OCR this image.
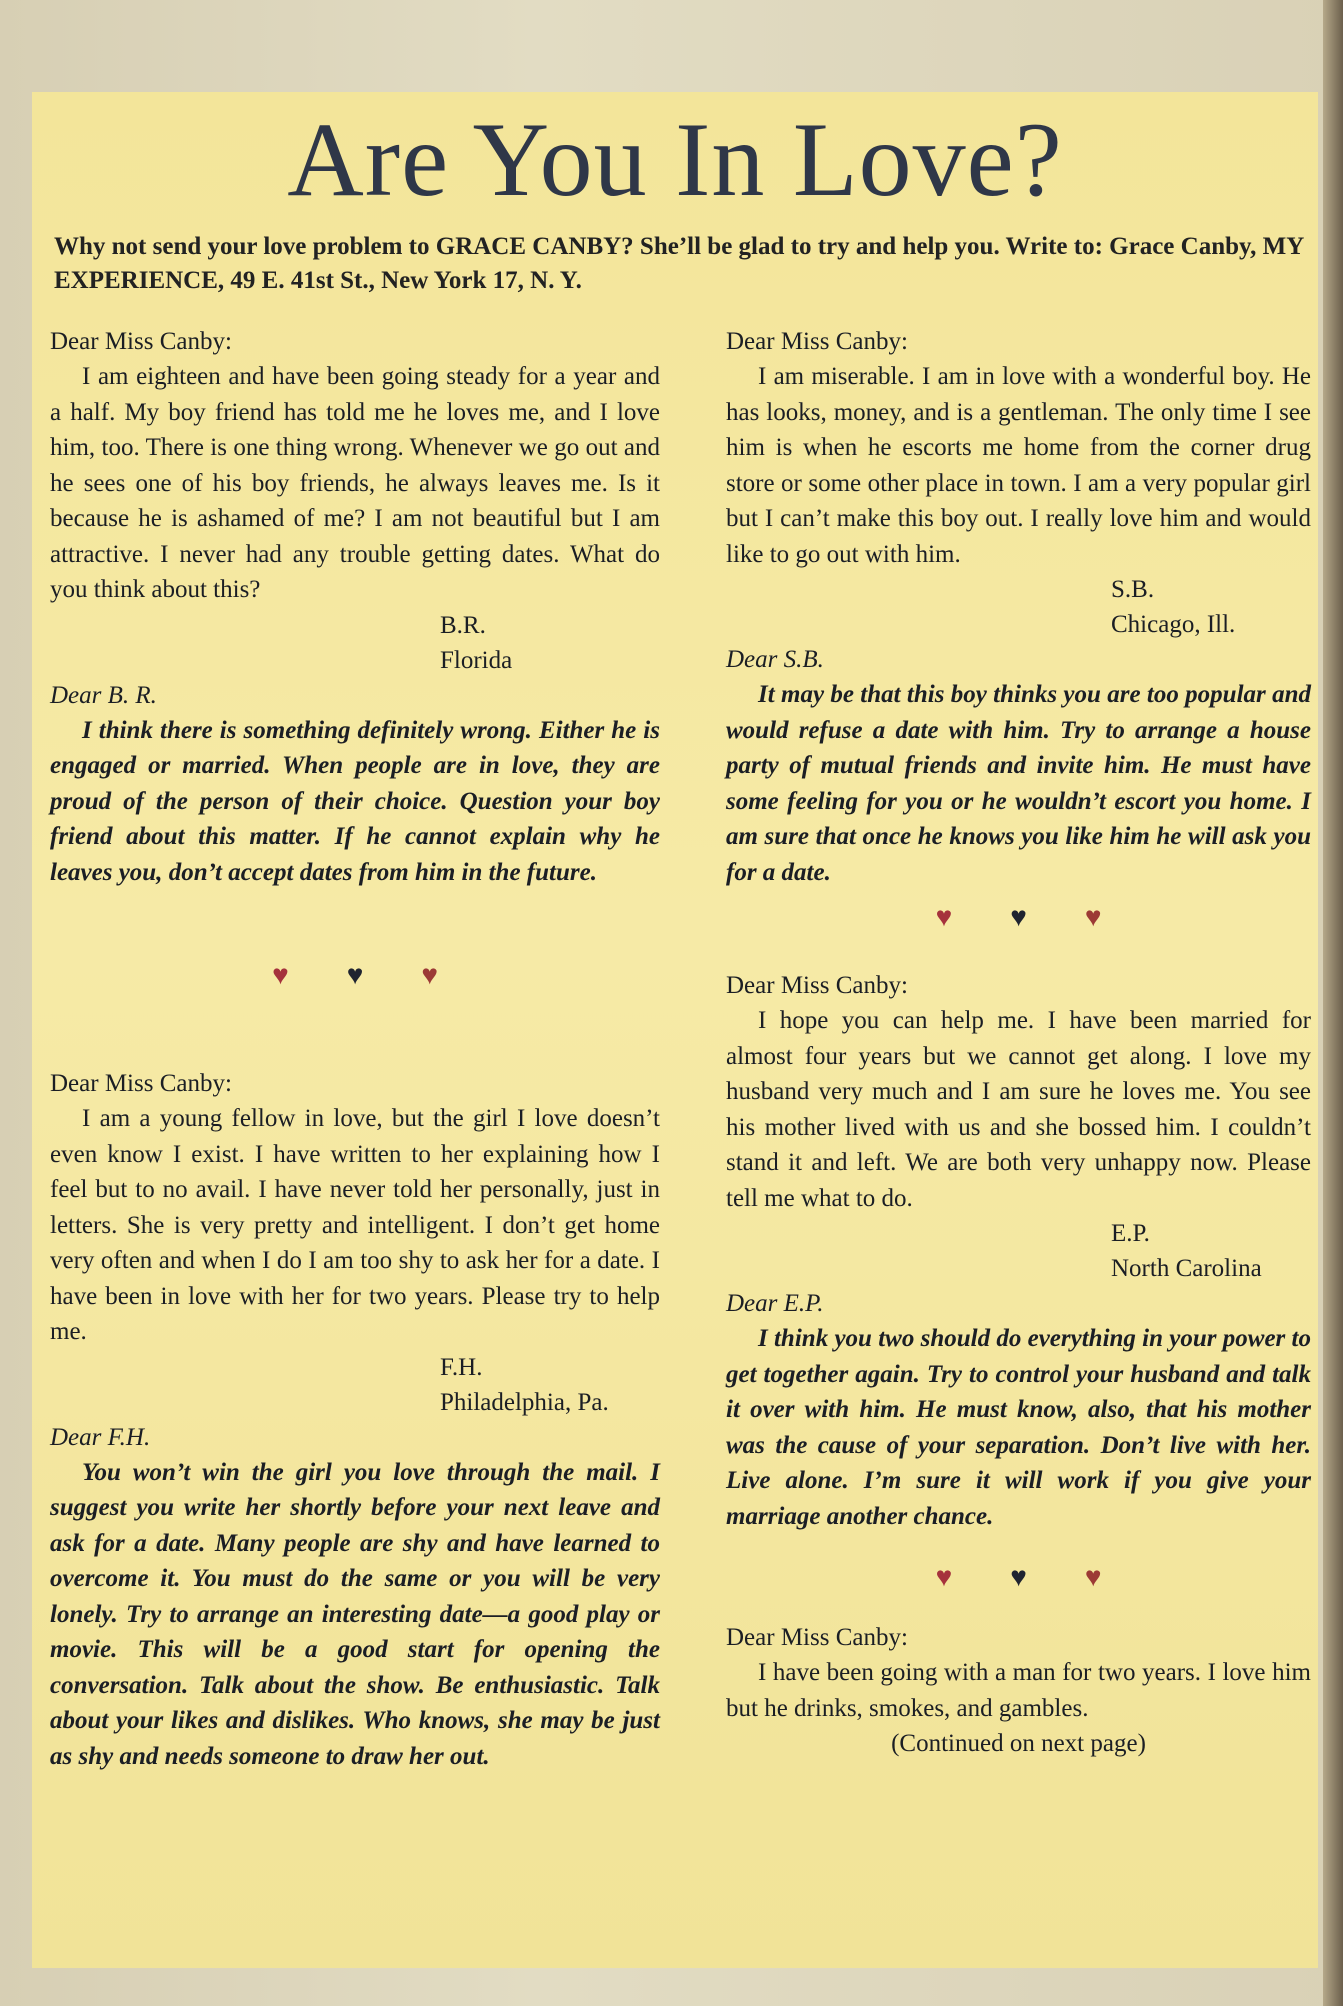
Are You In Love?

Why not send your love problem to GRACE CANBY? She’ll be glad to try and help you. Write to: Grace Canby, MY EXPERIENCE, 49 E. 41st St., New York 17, N. Y.

Dear Miss Canby:

I am eighteen and have been going steady for a year and a half. My boy friend has told me he loves me, and I love him, too. There is one thing wrong. Whenever we go out and he sees one of his boy friends, he always leaves me. Is it because he is ashamed of me? I am not beautiful but I am attractive. I never had any trouble getting dates. What do you think about this?

B.R.

Florida

Dear B. R.

I think there is something definitely wrong. Either he is engaged or married. When people are in love, they are proud of the person of their choice. Question your boy friend about this matter. If he cannot explain why he leaves you, don’t accept dates from him in the future.

♥ ♥ ♥

Dear Miss Canby:

I am a young fellow in love, but the girl I love doesn’t even know I exist. I have written to her explaining how I feel but to no avail. I have never told her personally, just in letters. She is very pretty and intelligent. I don’t get home very often and when I do I am too shy to ask her for a date. I have been in love with her for two years. Please try to help me.

F.H.

Philadelphia, Pa.

Dear F.H.

You won’t win the girl you love through the mail. I suggest you write her shortly before your next leave and ask for a date. Many people are shy and have learned to overcome it. You must do the same or you will be very lonely. Try to arrange an interesting date—a good play or movie. This will be a good start for opening the conversation. Talk about the show. Be enthusiastic. Talk about your likes and dislikes. Who knows, she may be just as shy and needs someone to draw her out.

Dear Miss Canby:

I am miserable. I am in love with a wonderful boy. He has looks, money, and is a gentleman. The only time I see him is when he escorts me home from the corner drug store or some other place in town. I am a very popular girl but I can’t make this boy out. I really love him and would like to go out with him.

S.B.

Chicago, Ill.

Dear S.B.

It may be that this boy thinks you are too popular and would refuse a date with him. Try to arrange a house party of mutual friends and invite him. He must have some feeling for you or he wouldn’t escort you home. I am sure that once he knows you like him he will ask you for a date.

♥ ♥ ♥

Dear Miss Canby:

I hope you can help me. I have been married for almost four years but we cannot get along. I love my husband very much and I am sure he loves me. You see his mother lived with us and she bossed him. I couldn’t stand it and left. We are both very unhappy now. Please tell me what to do.

E.P.

North Carolina

Dear E.P.

I think you two should do everything in your power to get together again. Try to control your husband and talk it over with him. He must know, also, that his mother was the cause of your separation. Don’t live with her. Live alone. I’m sure it will work if you give your marriage another chance.

♥ ♥ ♥

Dear Miss Canby:

I have been going with a man for two years. I love him but he drinks, smokes, and gambles.

(Continued on next page)
